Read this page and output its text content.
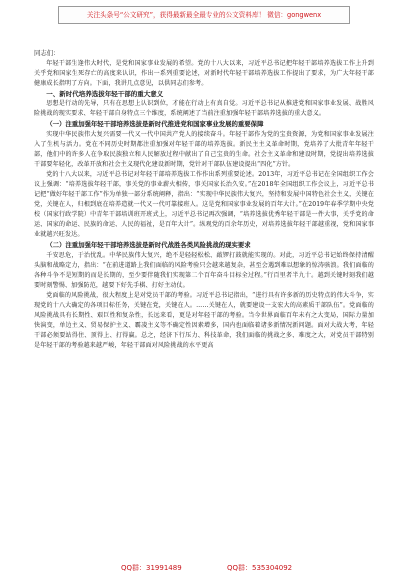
关注头条号“公文研究”，获得最新最全最专业的公文资料库！ 微信：gongwenx

同志们：

年轻干部生逢伟大时代，是党和国家事业发展的希望。党的十八大以来，习近平总书记把年轻干部培养选拔工作上升到关乎党和国家生死存亡的高度来认识，作出一系列重要论述，对新时代年轻干部培养选拔工作提出了要求，为广大年轻干部健康成长指明了方向。下面，我讲几点意见，以供同志们参考。

一、新时代培养选拔年轻干部的重大意义

思想是行动的先导，只有在思想上认识到位，才能在行动上有真自觉。习近平总书记从推进党和国家事业发展、战胜风险挑战的现实要求、年轻干部自身特点三个维度，系统阐述了当前注重加强年轻干部培养选拔的重大意义。

（一）注重加强年轻干部培养选拔是新时代推进党和国家事业发展的重要保障

实现中华民族伟大复兴需要一代又一代中国共产党人的接续奋斗。年轻干部作为党的宝贵资源，为党和国家事业发展注入了生机与活力。党在不同历史时期都注重加强对年轻干部的培养选拔。新民主主义革命时期，党培养了大批青年年轻干部，他们中的许多人在争取民族独立和人民解放过程中献出了自己宝贵的生命。社会主义革命和建设时期，党提出培养选拔干部要年轻化，改革开放和社会主义现代化建设新时期，党针对干部队伍建设提出“四化”方针。

党的十八大以来，习近平总书记对年轻干部培养选拔工作作出系列重要论述。2013年，习近平总书记在全国组织工作会议上强调：“培养选拔年轻干部，事关党的事业薪火相传，事关国家长治久安。”在2018年全国组织工作会议上，习近平总书记把“做好年轻干部工作”作为单独一部分系统阐释，指出：“实现中华民族伟大复兴，坚持和发展中国特色社会主义，关键在党，关键在人，归根到底在培养造就一代又一代可靠接班人。这是党和国家事业发展的百年大计。”在2019年春季学期中央党校（国家行政学院）中青年干部培训班开班式上，习近平总书记再次强调，“培养选拔优秀年轻干部是一件大事，关乎党的命运、国家的命运、民族的命运、人民的福祉，是百年大计”。纵观党的百余年历史，对培养选拔年轻干部越重视，党和国家事业就越兴旺发达。

（二）注重加强年轻干部培养选拔是新时代战胜各类风险挑战的现实要求

千安思危，于治忧乱。中华民族伟大复兴，绝不是轻轻松松、敲锣打鼓就能实现的。对此，习近平总书记始终保持清醒头脑和战略定力，指出：“在前进道路上我们面临的风险考验只会越来越复杂，甚至会遇到难以想象的惊涛骇浪。我们面临的各种斗争不是短期的而是长期的，至少要伴随我们实现第二个百年奋斗目标全过程。”行百里者半九十。越到关键时刻我们越要时刻警惕、加强防范，越要下好先手棋、打好主动仗。

党面临的风险挑战，很大程度上是对党员干部的考验。习近平总书记指出，“进行具有许多新的历史特点的伟大斗争，实现党的十八大确定的各项目标任务，关键在党，关键在人。……关键在人，就要建设一支宏大的高素质干部队伍”。党面临的风险挑战具有长期性、艰巨性和复杂性，长远来看，更是对年轻干部的考验。当今世界面临百年未有之大变局，国际力量加快演变，单边主义、贸易保护主义、霸凌主义等不确定性因素增多，国内也面临着诸多新情况新问题。面对大战大考，年轻干部必须要站得住、顶得上、打得赢。总之，经济下行压力、科技革命，我们面临的挑战之多、难度之大，对党员干部特别是年轻干部的考验越来越严峻，年轻干部面对风险挑战的水平更高

QQ群：31991489	QQ群：535304092
